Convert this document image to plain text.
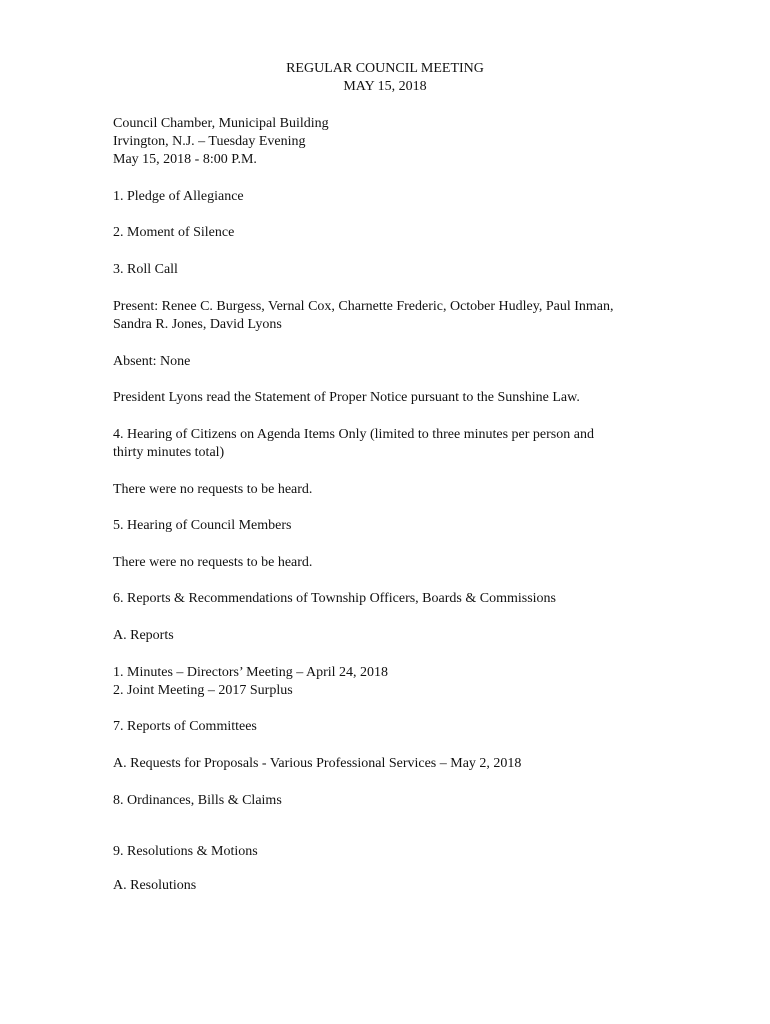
REGULAR COUNCIL MEETING

MAY 15, 2018

Council Chamber, Municipal Building

Irvington, N.J. – Tuesday Evening

May 15, 2018 - 8:00 P.M.

1. Pledge of Allegiance

2. Moment of Silence

3. Roll Call

Present: Renee C. Burgess, Vernal Cox, Charnette Frederic, October Hudley, Paul Inman,

Sandra R. Jones, David Lyons

Absent: None

President Lyons read the Statement of Proper Notice pursuant to the Sunshine Law.

4. Hearing of Citizens on Agenda Items Only (limited to three minutes per person and

thirty minutes total)

There were no requests to be heard.

5. Hearing of Council Members

There were no requests to be heard.

6. Reports & Recommendations of Township Officers, Boards & Commissions

A. Reports

1. Minutes – Directors’ Meeting – April 24, 2018

2. Joint Meeting – 2017 Surplus

7. Reports of Committees

A. Requests for Proposals - Various Professional Services – May 2, 2018

8. Ordinances, Bills & Claims

9. Resolutions & Motions

A. Resolutions
